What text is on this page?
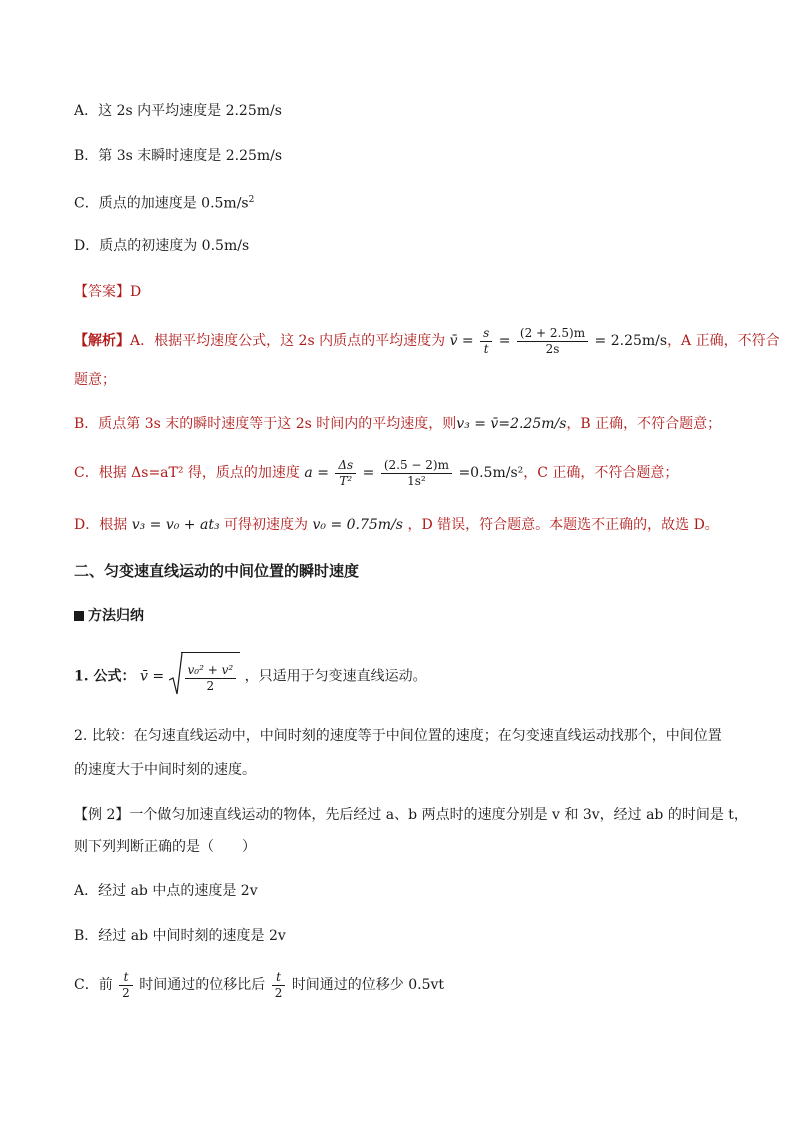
A．这 2s 内平均速度是 2.25m/s
B．第 3s 末瞬时速度是 2.25m/s
C．质点的加速度是 $0.5m/s^2$
D．质点的初速度为 0.5m/s
【答案】D
【解析】A．根据平均速度公式，这 2s 内质点的平均速度为 v̄ = $\frac{s}{t} = \frac{(2 + 2.5)m}{2s} = 2.25m/s$，A 正确，不符合
题意；
B．质点第 3s 末的瞬时速度等于这 2s 时间内的平均速度，则v₃ = v̄=2.25m/s，B 正确，不符合题意；
C．根据 Δs=aT² 得，质点的加速度 $a = \frac{\Delta s}{\text{T²}} = \frac{(2.5 - 2)m}{\text{1s²}} =0.5m/s^2$，C 正确，不符合题意；
D．根据 v₃ = v₀ + at₃ 可得初速度为 v₀ = 0.75m/s ，D 错误，符合题意。本题选不正确的，故选 D。
二、匀变速直线运动的中间位置的瞬时速度
方法归纳
1. 公式： v̄ = $\frac{\text{v₀² + v²}}{2}$ ，只适用于匀变速直线运动。
2. 比较：在匀速直线运动中，中间时刻的速度等于中间位置的速度；在匀变速直线运动找那个，中间位置
的速度大于中间时刻的速度。
【例 2】一个做匀加速直线运动的物体，先后经过 a、b 两点时的速度分别是 v 和 3v，经过 ab 的时间是 t，
则下列判断正确的是（　　）
A．经过 ab 中点的速度是 2v
B．经过 ab 中间时刻的速度是 2v
C．前 $\frac{t}{2}$ 时间通过的位移比后 $\frac{t}{2}$ 时间通过的位移少 0.5vt
